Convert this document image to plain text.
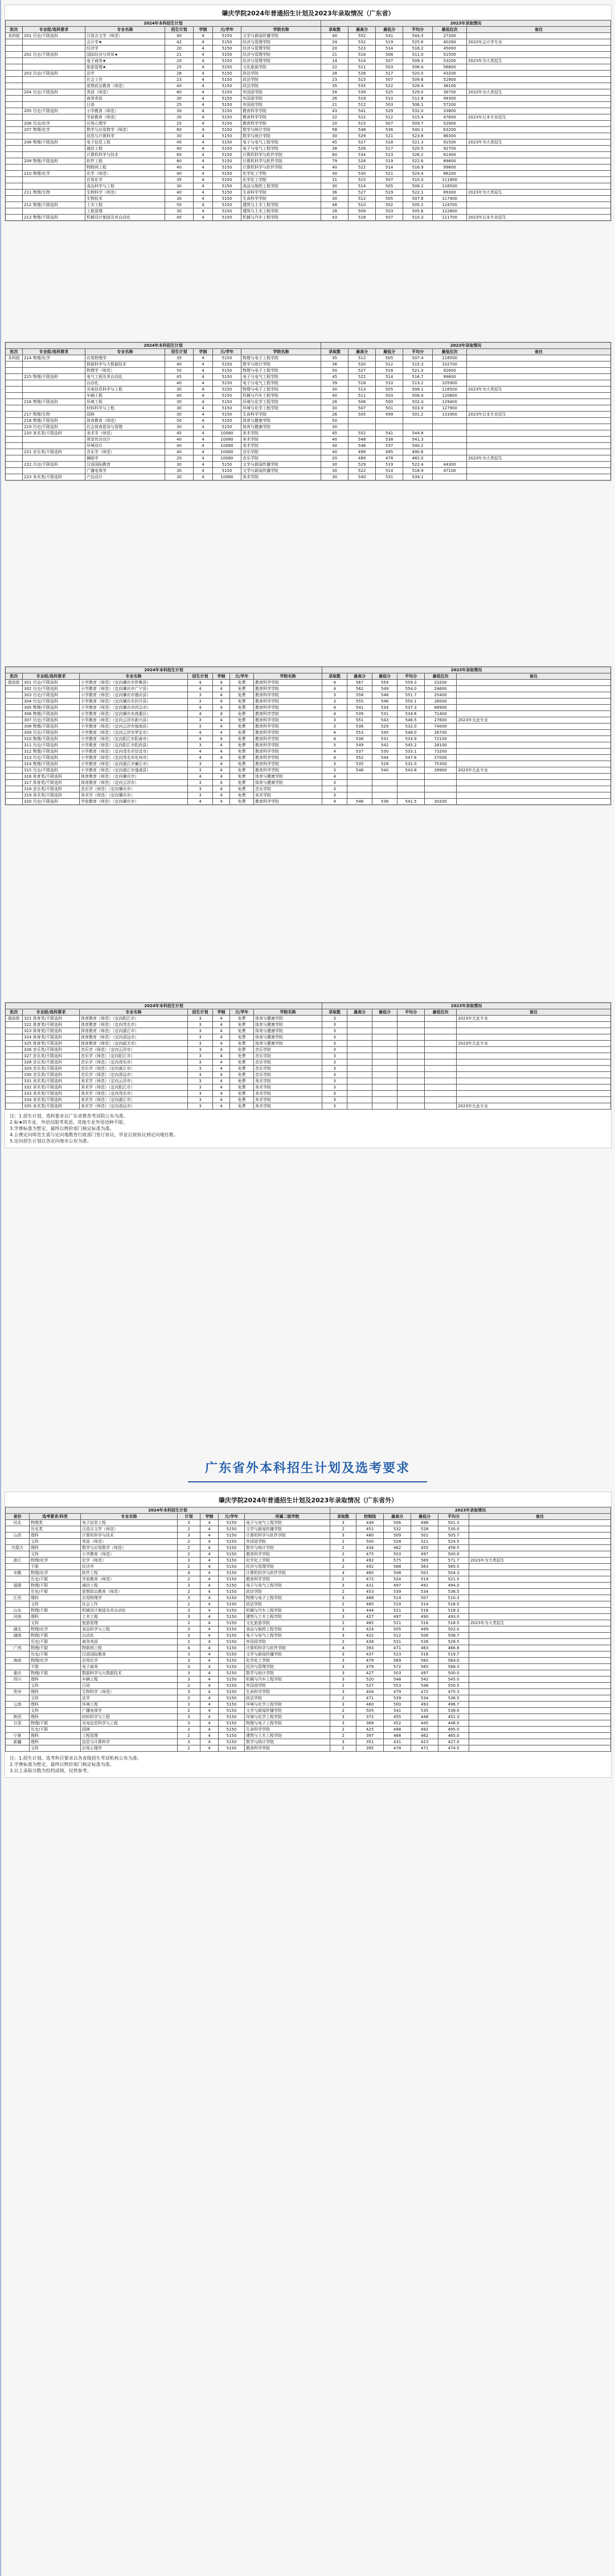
肇庆学院2024年普通招生计划及2023年录取情况（广东省）
2024年本科招生计划							2023年录取情况					
批次	专业组/选科要求	专业名称	招生计划	学制	元/学年	学院名称	录取数	最高分	最低分	平均分	最低位次	备注
本科批	201 历史/不限选科	汉语言文学（师范）	40	4	5150	文学与新闻传播学院	40	552	541	544.3	27300	
		会计学★	42	4	5150	经济与管理学院	24	532	519	525.6	40260	2023年会计学专业
		经济学	20	4	5150	经济与管理学院	20	523	514	516.2	45000	
	202 历史/不限选科	国际经济与贸易★	21	4	5150	经济与管理学院	21	516	508	511.0	51500	
		电子商务★	20	4	5150	经济与管理学院	14	514	507	509.3	53200	2023年为大类招生
		旅游管理★	25	4	5150	文化旅游学院	22	511	503	506.4	56800	
	203 历史/不限选科	法学	28	4	5150	政法学院	28	526	517	520.0	43200	
		社会工作	23	4	5150	政法学院	23	515	507	509.6	52900	
		思想政治教育（师范）	40	4	5150	政法学院	35	535	522	526.4	38100	
	204 历史/不限选科	英语（师范）	60	4	5150	外国语学院	58	539	525	529.0	36700	2023年为大类招生
		商务英语	30	4	5150	外国语学院	26	518	510	512.8	49300	
		日语	25	4	5150	外国语学院	21	512	503	506.1	57200	
	205 历史/不限选科	小学教育（师范）	30	4	5150	教育科学学院	43	541	529	532.0	33800	
		学前教育（师范）	35	4	5150	教育科学学院	22	522	512	515.4	47600	2023年以本专业招生
	206 历史/化学	应用心理学	25	4	5150	教育科学学院	20	515	507	509.7	52900	
	207 物理/化学	数学与应用数学（师范）	60	4	5150	数学与统计学院	58	548	536	540.1	63200	
		信息与计算科学	30	4	5150	数学与统计学院	30	529	521	523.8	86300	
	208 物理/不限选科	电子信息工程	45	4	5150	电子与电气工程学院	45	527	518	521.3	91500	2023年为大类招生
		通信工程	40	4	5150	电子与电气工程学院	38	526	517	520.5	92700	
		计算机科学与技术	60	4	5150	计算机科学与软件学院	60	534	523	526.2	81400	
	209 物理/不限选科	软件工程	80	4	5150	计算机科学与软件学院	79	528	519	522.6	89800	
		物联网工程	40	4	5150	计算机科学与软件学院	40	522	514	516.9	99600	
	210 物理/化学	化学（师范）	40	4	5150	化学化工学院	40	530	521	524.4	86200	
		应用化学	35	4	5150	化学化工学院	31	515	507	510.3	111900	
		食品科学与工程	30	4	5150	食品与制药工程学院	30	514	505	508.2	116500	
	211 物理/生物	生物科学（师范）	40	4	5150	生命科学学院	36	527	519	522.1	89300	2023年为大类招生
		生物技术	30	4	5150	生命科学学院	30	512	505	507.8	117400	
	212 物理/不限选科	土木工程	50	4	5150	建筑与土木工程学院	48	510	502	505.2	124700	
		工程管理	30	4	5150	建筑与土木工程学院	28	509	503	505.6	122800	
	213 物理/不限选科	机械设计制造及其自动化	45	4	5150	机械与汽车工程学院	43	516	507	510.3	111700	2023年以本专业招生
2024年本科招生计划							2023年录取情况					
批次	专业组/选科要求	专业名称	招生计划	学制	元/学年	学院名称	录取数	最高分	最低分	平均分	最低位次	备注
本科批	214 物理/化学	应用物理学	35	4	5150	物理与电子工程学院	35	512	505	507.4	118500	
		数据科学与大数据技术	40	4	5150	数学与统计学院	36	520	512	515.3	102700	
		物理学（师范）	50	4	5150	物理与电子工程学院	50	527	518	521.0	92600	
	215 物理/不限选科	电气工程及其自动化	45	4	5150	电子与电气工程学院	45	522	514	516.7	99600	
		自动化	40	4	5150	电子与电气工程学院	39	518	510	513.2	105900	
		光电信息科学与工程	30	4	5150	物理与电子工程学院	30	513	505	508.1	116500	2023年为大类招生
		车辆工程	40	4	5150	机械与汽车工程学院	40	511	503	506.4	120800	
	216 物理/不限选科	环境工程	30	4	5150	环境与化学工程学院	28	506	500	502.4	129400	
		材料科学与工程	30	4	5150	环境与化学工程学院	30	507	501	503.0	127900	
	217 物理/生物	园林	30	4	5150	生命科学学院	26	505	499	501.2	131900	2023年以本专业招生
	218 物理/不限选科	体育教育（师范）	50	4	5150	体育与健康学院	50					
	219 历史/不限选科	社会体育指导与管理	30	4	5150	体育与健康学院	30					
	220 美术类/不限选科	美术学（师范）	45	4	10080	美术学院	45	552	541	544.8		
		视觉传达设计	40	4	10080	美术学院	40	548	538	541.3		
		环境设计	40	4	10080	美术学院	40	546	537	540.2		
	221 音乐类/不限选科	音乐学（师范）	40	4	10080	音乐学院	40	498	485	490.6		
		舞蹈学	20	4	10080	音乐学院	20	489	478	482.0		2023年为大类招生
	222 历史/不限选科	汉语国际教育	30	4	5150	文学与新闻传播学院	30	529	519	522.4	44300	
		广播电视学	30	4	5150	文学与新闻传播学院	30	522	514	516.9	47100	
	223 美术类/不限选科	产品设计	30	4	10080	美术学院	30	540	531	534.1		
2024年本科招生计划							2023年录取情况					
批次	专业组/选科要求	专业名称	招生计划	学制	元/学年	学院名称	录取数	最高分	最低分	平均分	最低位次	备注
提前批	301 历史/不限选科	小学教育（师范）（定向肇庆市怀集县）	4	4	免费	教育科学学院	4	567	554	559.3	23200	
	302 历史/不限选科	小学教育（师范）（定向肇庆市广宁县）	4	4	免费	教育科学学院	4	562	549	554.0	24600	
	303 历史/不限选科	小学教育（师范）（定向肇庆市德庆县）	3	4	免费	教育科学学院	3	558	548	551.7	25400	
	304 历史/不限选科	小学教育（师范）（定向肇庆市封开县）	3	4	免费	教育科学学院	3	555	546	550.1	26000	
	305 物理/不限选科	小学教育（师范）（定向肇庆市四会市）	4	4	免费	教育科学学院	4	541	534	537.3	68900	
	306 物理/不限选科	小学教育（师范）（定向肇庆市高要区）	4	4	免费	教育科学学院	4	539	531	534.6	71400	
	307 历史/不限选科	小学教育（师范）（定向云浮市新兴县）	3	4	免费	教育科学学院	3	551	543	546.5	27600	2023年无此专业
	308 物理/不限选科	小学教育（师范）（定向云浮市郁南县）	3	4	免费	教育科学学院	3	536	529	532.0	74000	
	309 历史/不限选科	小学教育（师范）（定向云浮市罗定市）	4	4	免费	教育科学学院	4	553	545	548.0	26700	
	310 物理/不限选科	小学教育（师范）（定向阳江市阳春市）	4	4	免费	教育科学学院	4	538	531	533.9	72100	
	311 历史/不限选科	小学教育（师范）（定向阳江市阳西县）	3	4	免费	教育科学学院	3	549	542	545.2	28100	
	312 物理/不限选科	小学教育（师范）（定向茂名市信宜市）	4	4	免费	教育科学学院	4	537	530	533.1	73200	
	313 历史/不限选科	小学教育（师范）（定向茂名市化州市）	4	4	免费	教育科学学院	4	552	544	547.6	27000	
	314 物理/不限选科	小学教育（师范）（定向湛江市廉江市）	3	4	免费	教育科学学院	3	535	528	531.0	75300	
	315 历史/不限选科	小学教育（师范）（定向湛江市遂溪县）	3	4	免费	教育科学学院	3	548	540	543.8	28900	2023年无此专业
	316 体育类/不限选科	体育教育（师范）（定向肇庆市）	4	4	免费	体育与健康学院	4					
	317 体育类/不限选科	体育教育（师范）（定向云浮市）	3	4	免费	体育与健康学院	3					
	318 音乐类/不限选科	音乐学（师范）（定向肇庆市）	3	4	免费	音乐学院	3					
	319 美术类/不限选科	美术学（师范）（定向肇庆市）	3	4	免费	美术学院	3					
	320 历史/不限选科	学前教育（师范）（定向肇庆市）	4	4	免费	教育科学学院	4	546	538	541.5	30200	
2024年本科招生计划							2023年录取情况					
批次	专业组/选科要求	专业名称	招生计划	学制	元/学年	学院名称	录取数	最高分	最低分	平均分	最低位次	备注
提前批	321 体育类/不限选科	体育教育（师范）（定向阳江市）	3	4	免费	体育与健康学院	3					2023年无此专业
	322 体育类/不限选科	体育教育（师范）（定向茂名市）	3	4	免费	体育与健康学院	3					
	323 体育类/不限选科	体育教育（师范）（定向湛江市）	3	4	免费	体育与健康学院	3					
	324 体育类/不限选科	体育教育（师范）（定向清远市）	3	4	免费	体育与健康学院	3					
	325 体育类/不限选科	体育教育（师范）（定向韶关市）	3	4	免费	体育与健康学院	3					2023年无此专业
	326 音乐类/不限选科	音乐学（师范）（定向云浮市）	3	4	免费	音乐学院	3					
	327 音乐类/不限选科	音乐学（师范）（定向阳江市）	3	4	免费	音乐学院	3					
	328 音乐类/不限选科	音乐学（师范）（定向茂名市）	3	4	免费	音乐学院	3					
	329 音乐类/不限选科	音乐学（师范）（定向湛江市）	3	4	免费	音乐学院	3					
	330 音乐类/不限选科	音乐学（师范）（定向清远市）	3	4	免费	音乐学院	3					
	331 美术类/不限选科	美术学（师范）（定向云浮市）	3	4	免费	美术学院	3					
	332 美术类/不限选科	美术学（师范）（定向阳江市）	3	4	免费	美术学院	3					
	333 美术类/不限选科	美术学（师范）（定向茂名市）	3	4	免费	美术学院	3					
	334 美术类/不限选科	美术学（师范）（定向湛江市）	3	4	免费	美术学院	3					
	335 美术类/不限选科	美术学（师范）（定向清远市）	3	4	免费	美术学院	3					2023年无此专业
注：1.招生计划、选科要求以广东省教育考试院公布为准。
2.标★的专业，外语仅限考英语，其他专业外语语种不限。
3.学费标准为暂定，最终以物价部门核定标准为准。
4.公费定向师范生需与定向地教育行政部门签订协议，毕业后按协议到定向地任教。
5.定向招生计划以各定向地市公布为准。
广东省外本科招生计划及选考要求
肇庆学院2024年普通招生计划及2023年录取情况（广东省外）
2024年本科招生计划							2023年录取情况					
省份	选考要求/科类	专业名称	计划	学制	元/学年	所属二级学院	录取数	控制线	最高分	最低分	平均分	备注
河北	物理类	电子信息工程	3	4	5150	电子与电气工程学院	3	449	506	498	501.3	
	历史类	汉语言文学（师范）	2	4	5150	文学与新闻传播学院	2	451	532	528	530.0	
山西	理科	计算机科学与技术	3	4	5150	计算机科学与软件学院	3	480	509	502	505.7	
	文科	英语（师范）	2	4	5150	外国语学院	2	500	528	521	524.5	
内蒙古	理科	数学与应用数学（师范）	2	4	5150	数学与统计学院	2	434	462	455	458.5	
	文科	小学教育（师范）	2	4	5150	教育科学学院	2	475	503	497	500.0	
浙江	物理/化学	化学（师范）	3	4	5150	化学化工学院	3	492	575	569	571.7	2023年为大类招生
	不限	经济学	2	4	5150	经济与管理学院	2	492	568	563	565.5	
安徽	物理/化学	软件工程	4	4	5150	计算机科学与软件学院	4	465	508	501	504.3	
	历史/不限	学前教育（师范）	2	4	5150	教育科学学院	2	472	524	519	521.5	
福建	物理/不限	通信工程	3	4	5150	电子与电气工程学院	3	431	497	491	494.0	
	历史/不限	思想政治教育（师范）	2	4	5150	政法学院	2	453	539	534	536.5	
江西	理科	应用物理学	3	4	5150	物理与电子工程学院	3	488	514	507	510.3	
	文科	社会工作	2	4	5150	政法学院	2	485	519	514	516.5	
山东	物理/不限	机械设计制造及其自动化	3	4	5150	机械与汽车工程学院	3	444	521	516	518.3	
河南	理科	土木工程	3	4	5150	建筑与土木工程学院	3	427	497	490	493.0	
	文科	旅游管理	2	4	5150	文化旅游学院	2	465	521	516	518.5	2023年为大类招生
湖北	物理/化学	食品科学与工程	3	4	5150	食品与制药工程学院	3	424	505	499	502.0	
湖南	物理/不限	自动化	3	4	5150	电子与电气工程学院	3	422	512	506	508.7	
	历史/不限	商务英语	2	4	5150	外国语学院	2	438	531	526	528.5	
广西	物理/不限	物联网工程	4	4	5150	计算机科学与软件学院	4	393	471	463	466.8	
	历史/不限	汉语国际教育	3	4	5150	文学与新闻传播学院	3	437	523	516	519.7	
海南	物理/化学	应用化学	3	4	5150	化学化工学院	3	479	569	560	564.0	
	不限	电子商务	3	4	5150	经济与管理学院	3	479	572	565	568.3	
重庆	物理/不限	数据科学与大数据技术	3	4	5150	数学与统计学院	3	427	503	497	500.0	
四川	理科	车辆工程	3	4	5150	机械与汽车工程学院	3	520	548	542	545.0	
	文科	日语	2	4	5150	外国语学院	2	527	553	548	550.5	
贵州	理科	生物科学（师范）	3	4	5150	生命科学学院	3	404	479	472	475.3	
	文科	法学	2	4	5150	政法学院	2	471	539	534	536.5	
云南	理科	环境工程	3	4	5150	环境与化学工程学院	3	460	500	493	496.7	
	文科	广播电视学	2	4	5150	文学与新闻传播学院	2	505	541	535	538.0	
陕西	理科	材料科学与工程	3	4	5150	环境与化学工程学院	3	372	455	448	451.3	
甘肃	物理/不限	光电信息科学与工程	3	4	5150	物理与电子工程学院	3	368	452	445	448.0	
	历史/不限	园林	2	4	5150	生命科学学院	2	425	498	492	495.0	
宁夏	理科	工程管理	2	4	5150	建筑与土木工程学院	2	397	468	462	465.0	
新疆	理科	信息与计算科学	3	4	5150	数学与统计学院	3	351	431	423	427.0	
	文科	应用心理学	2	4	5150	教育科学学院	2	395	478	471	474.5	
注：1.招生计划、选考科目要求以各省级招生考试机构公布为准。
2.学费标准为暂定，最终以物价部门核定标准为准。
3.以上录取分数为投档成绩，仅供参考。
